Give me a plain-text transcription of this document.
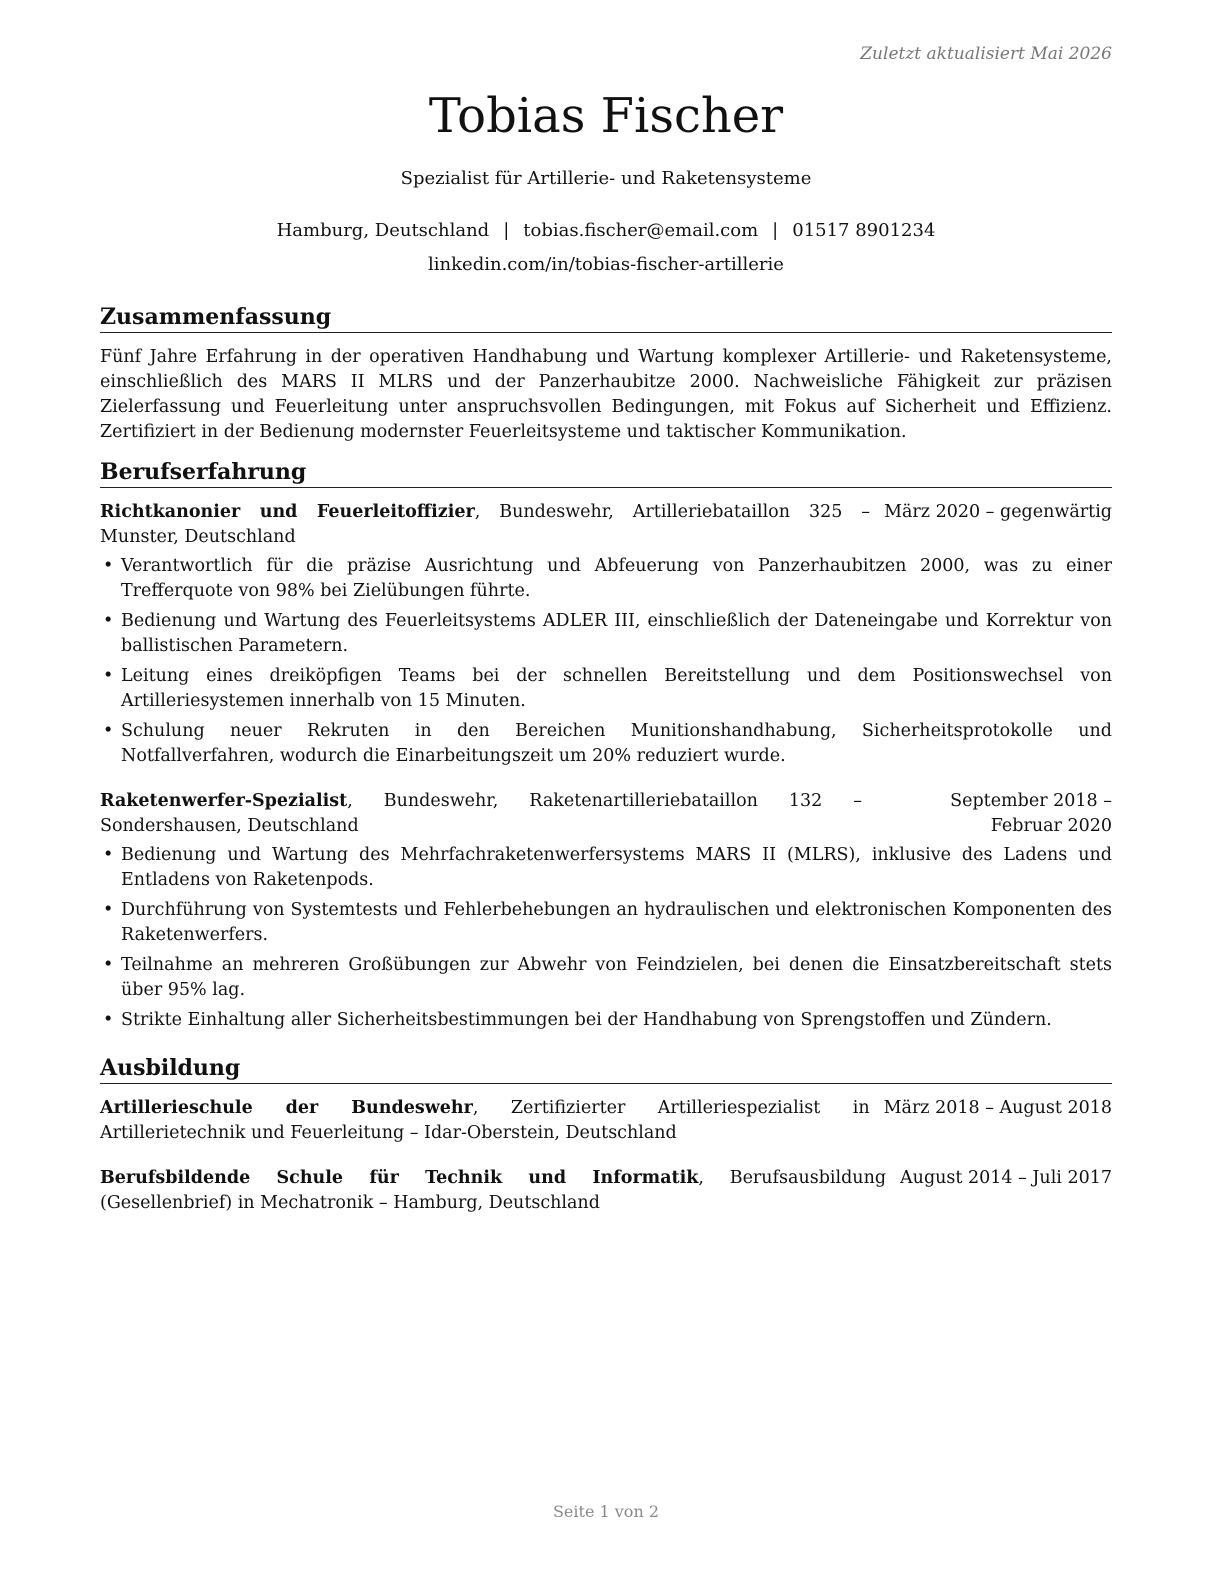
Zuletzt aktualisiert Mai 2026
Tobias Fischer
Spezialist für Artillerie- und Raketensysteme
Hamburg, Deutschland | tobias.fischer@email.com | 01517 8901234
linkedin.com/in/tobias-fischer-artillerie
Zusammenfassung

Fünf Jahre Erfahrung in der operativen Handhabung und Wartung komplexer Artillerie- und Raketensysteme, einschließlich des MARS II MLRS und der Panzerhaubitze 2000. Nachweisliche Fähigkeit zur präzisen Zielerfassung und Feuerleitung unter anspruchsvollen Bedingungen, mit Fokus auf Sicherheit und Effizienz. Zertifiziert in der Bedienung modernster Feuerleitsysteme und taktischer Kommunikation.

Berufserfahrung
Richtkanonier und Feuerleitoffizier, Bundeswehr, Artilleriebataillon 325 – Munster, Deutschland
März 2020 – gegenwärtig
• Verantwortlich für die präzise Ausrichtung und Abfeuerung von Panzerhaubitzen 2000, was zu einer Trefferquote von 98% bei Zielübungen führte.
• Bedienung und Wartung des Feuerleitsystems ADLER III, einschließlich der Dateneingabe und Korrektur von ballistischen Parametern.
• Leitung eines dreiköpfigen Teams bei der schnellen Bereitstellung und dem Positionswechsel von Artilleriesystemen innerhalb von 15 Minuten.
• Schulung neuer Rekruten in den Bereichen Munitionshandhabung, Sicherheitsprotokolle und Notfallverfahren, wodurch die Einarbeitungszeit um 20% reduziert wurde.
Raketenwerfer-Spezialist, Bundeswehr, Raketenartilleriebataillon 132 – Sondershausen, Deutschland
September 2018 – Februar 2020
• Bedienung und Wartung des Mehrfachraketenwerfersystems MARS II (MLRS), inklusive des Ladens und Entladens von Raketenpods.
• Durchführung von Systemtests und Fehlerbehebungen an hydraulischen und elektronischen Komponenten des Raketenwerfers.
• Teilnahme an mehreren Großübungen zur Abwehr von Feindzielen, bei denen die Einsatzbereitschaft stets über 95% lag.
• Strikte Einhaltung aller Sicherheitsbestimmungen bei der Handhabung von Sprengstoffen und Zündern.
Ausbildung
Artillerieschule der Bundeswehr, Zertifizierter Artilleriespezialist in Artillerietechnik und Feuerleitung – Idar-Oberstein, Deutschland
März 2018 – August 2018
Berufsbildende Schule für Technik und Informatik, Berufsausbildung (Gesellenbrief) in Mechatronik – Hamburg, Deutschland
August 2014 – Juli 2017
Seite 1 von 2
